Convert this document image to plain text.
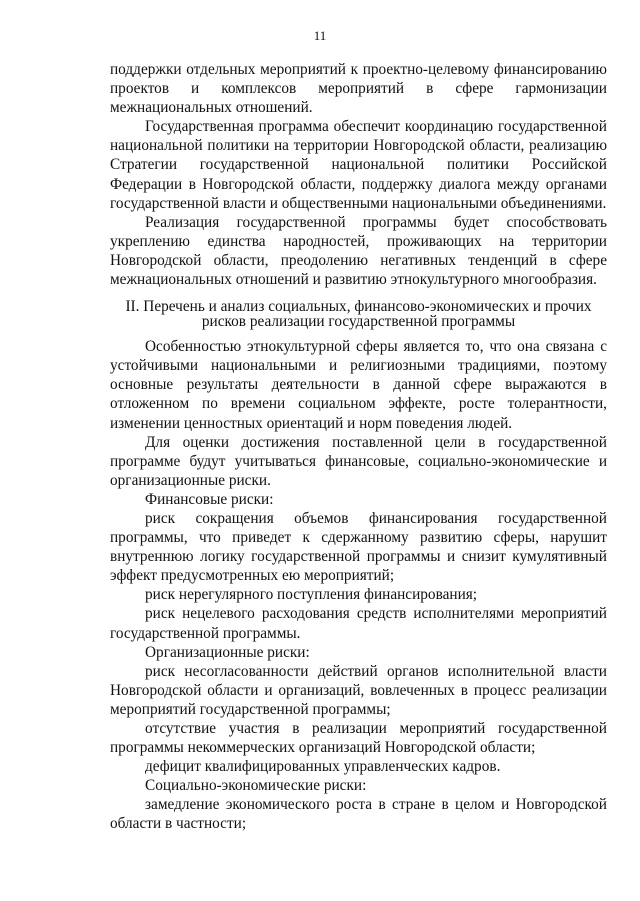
11

поддержки отдельных мероприятий к проектно-целевому финансированию проектов и комплексов мероприятий в сфере гармонизации межнациональных отношений.

Государственная программа обеспечит координацию государственной национальной политики на территории Новгородской области, реализацию Стратегии государственной национальной политики Российской Федерации в Новгородской области, поддержку диалога между органами государственной власти и общественными национальными объединениями.

Реализация государственной программы будет способствовать укреплению единства народностей, проживающих на территории Новгородской области, преодолению негативных тенденций в сфере межнациональных отношений и развитию этнокультурного многообразия.

II. Перечень и анализ социальных, финансово-экономических и прочих
рисков реализации государственной программы

Особенностью этнокультурной сферы является то, что она связана с устойчивыми национальными и религиозными традициями, поэтому основные результаты деятельности в данной сфере выражаются в отложенном по времени социальном эффекте, росте толерантности, изменении ценностных ориентаций и норм поведения людей.

Для оценки достижения поставленной цели в государственной программе будут учитываться финансовые, социально-экономические и организационные риски.

Финансовые риски:

риск сокращения объемов финансирования государственной программы, что приведет к сдержанному развитию сферы, нарушит внутреннюю логику государственной программы и снизит кумулятивный эффект предусмотренных ею мероприятий;

риск нерегулярного поступления финансирования;

риск нецелевого расходования средств исполнителями мероприятий государственной программы.

Организационные риски:

риск несогласованности действий органов исполнительной власти Новгородской области и организаций, вовлеченных в процесс реализации мероприятий государственной программы;

отсутствие участия в реализации мероприятий государственной программы некоммерческих организаций Новгородской области;

дефицит квалифицированных управленческих кадров.

Социально-экономические риски:

замедление экономического роста в стране в целом и Новгородской области в частности;
